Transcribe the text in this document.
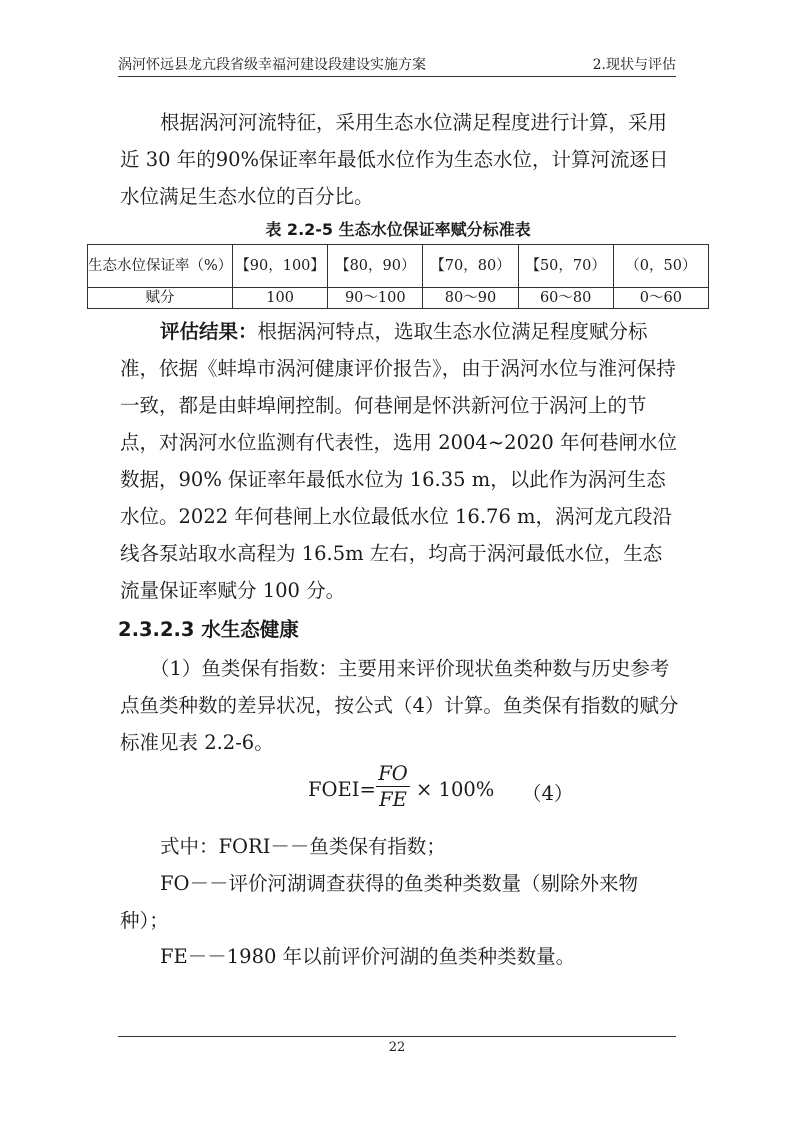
涡河怀远县龙亢段省级幸福河建设段建设实施方案	2.现状与评估

根据涡河河流特征，采用生态水位满足程度进行计算，采用近 30 年的90%保证率年最低水位作为生态水位，计算河流逐日水位满足生态水位的百分比。

表 2.2-5 生态水位保证率赋分标准表
生态水位保证率（%）	【90，100】	【80，90）	【70，80）	【50，70）	（0，50）
赋分	100	90～100	80～90	60～80	0～60

评估结果：根据涡河特点，选取生态水位满足程度赋分标准，依据《蚌埠市涡河健康评价报告》，由于涡河水位与淮河保持一致，都是由蚌埠闸控制。何巷闸是怀洪新河位于涡河上的节点，对涡河水位监测有代表性，选用 2004~2020 年何巷闸水位数据，90% 保证率年最低水位为 16.35 m，以此作为涡河生态水位。2022 年何巷闸上水位最低水位 16.76 m，涡河龙亢段沿线各泵站取水高程为 16.5m 左右，均高于涡河最低水位，生态流量保证率赋分 100 分。

2.3.2.3 水生态健康

（1）鱼类保有指数：主要用来评价现状鱼类种数与历史参考点鱼类种数的差异状况，按公式（4）计算。鱼类保有指数的赋分标准见表 2.2-6。

FOEI=
FO
FE × 100% （4）

式中：FORI－－鱼类保有指数；

FO－－评价河湖调查获得的鱼类种类数量（剔除外来物种）；

FE－－1980 年以前评价河湖的鱼类种类数量。

22
